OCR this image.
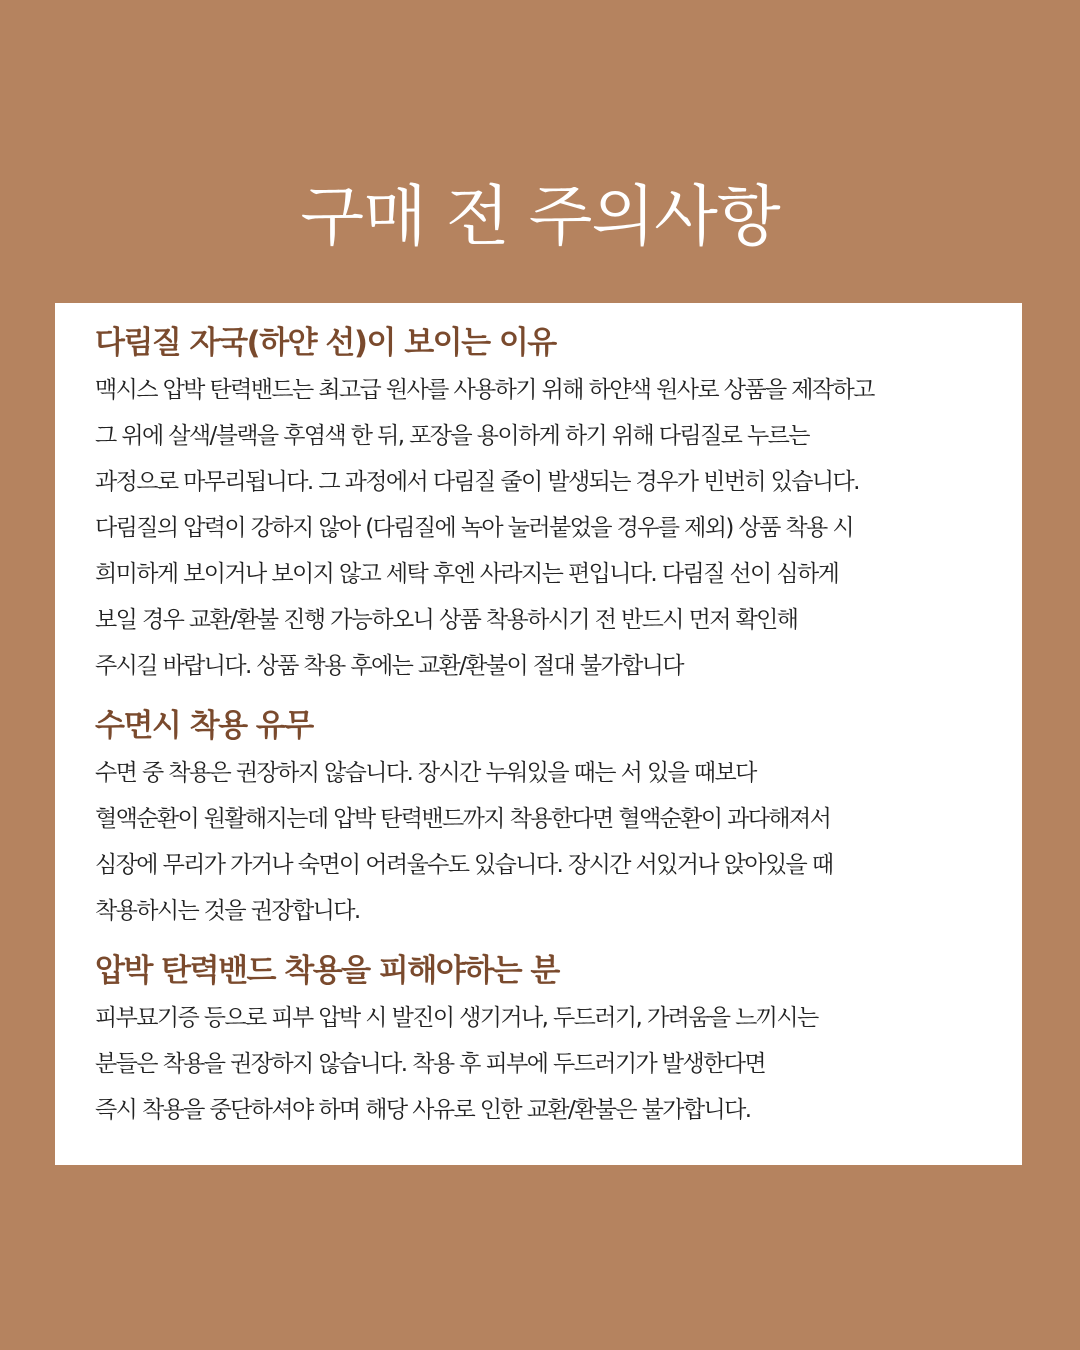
구매 전 주의사항
다림질 자국(하얀 선)이 보이는 이유

맥시스 압박 탄력밴드는 최고급 원사를 사용하기 위해 하얀색 원사로 상품을 제작하고
그 위에 살색/블랙을 후염색 한 뒤, 포장을 용이하게 하기 위해 다림질로 누르는
과정으로 마무리됩니다. 그 과정에서 다림질 줄이 발생되는 경우가 빈번히 있습니다.
다림질의 압력이 강하지 않아 (다림질에 녹아 눌러붙었을 경우를 제외) 상품 착용 시
희미하게 보이거나 보이지 않고 세탁 후엔 사라지는 편입니다. 다림질 선이 심하게
보일 경우 교환/환불 진행 가능하오니 상품 착용하시기 전 반드시 먼저 확인해
주시길 바랍니다. 상품 착용 후에는 교환/환불이 절대 불가합니다

수면시 착용 유무

수면 중 착용은 권장하지 않습니다. 장시간 누워있을 때는 서 있을 때보다
혈액순환이 원활해지는데 압박 탄력밴드까지 착용한다면 혈액순환이 과다해져서
심장에 무리가 가거나 숙면이 어려울수도 있습니다. 장시간 서있거나 앉아있을 때
착용하시는 것을 권장합니다.

압박 탄력밴드 착용을 피해야하는 분

피부묘기증 등으로 피부 압박 시 발진이 생기거나, 두드러기, 가려움을 느끼시는
분들은 착용을 권장하지 않습니다. 착용 후 피부에 두드러기가 발생한다면
즉시 착용을 중단하셔야 하며 해당 사유로 인한 교환/환불은 불가합니다.
